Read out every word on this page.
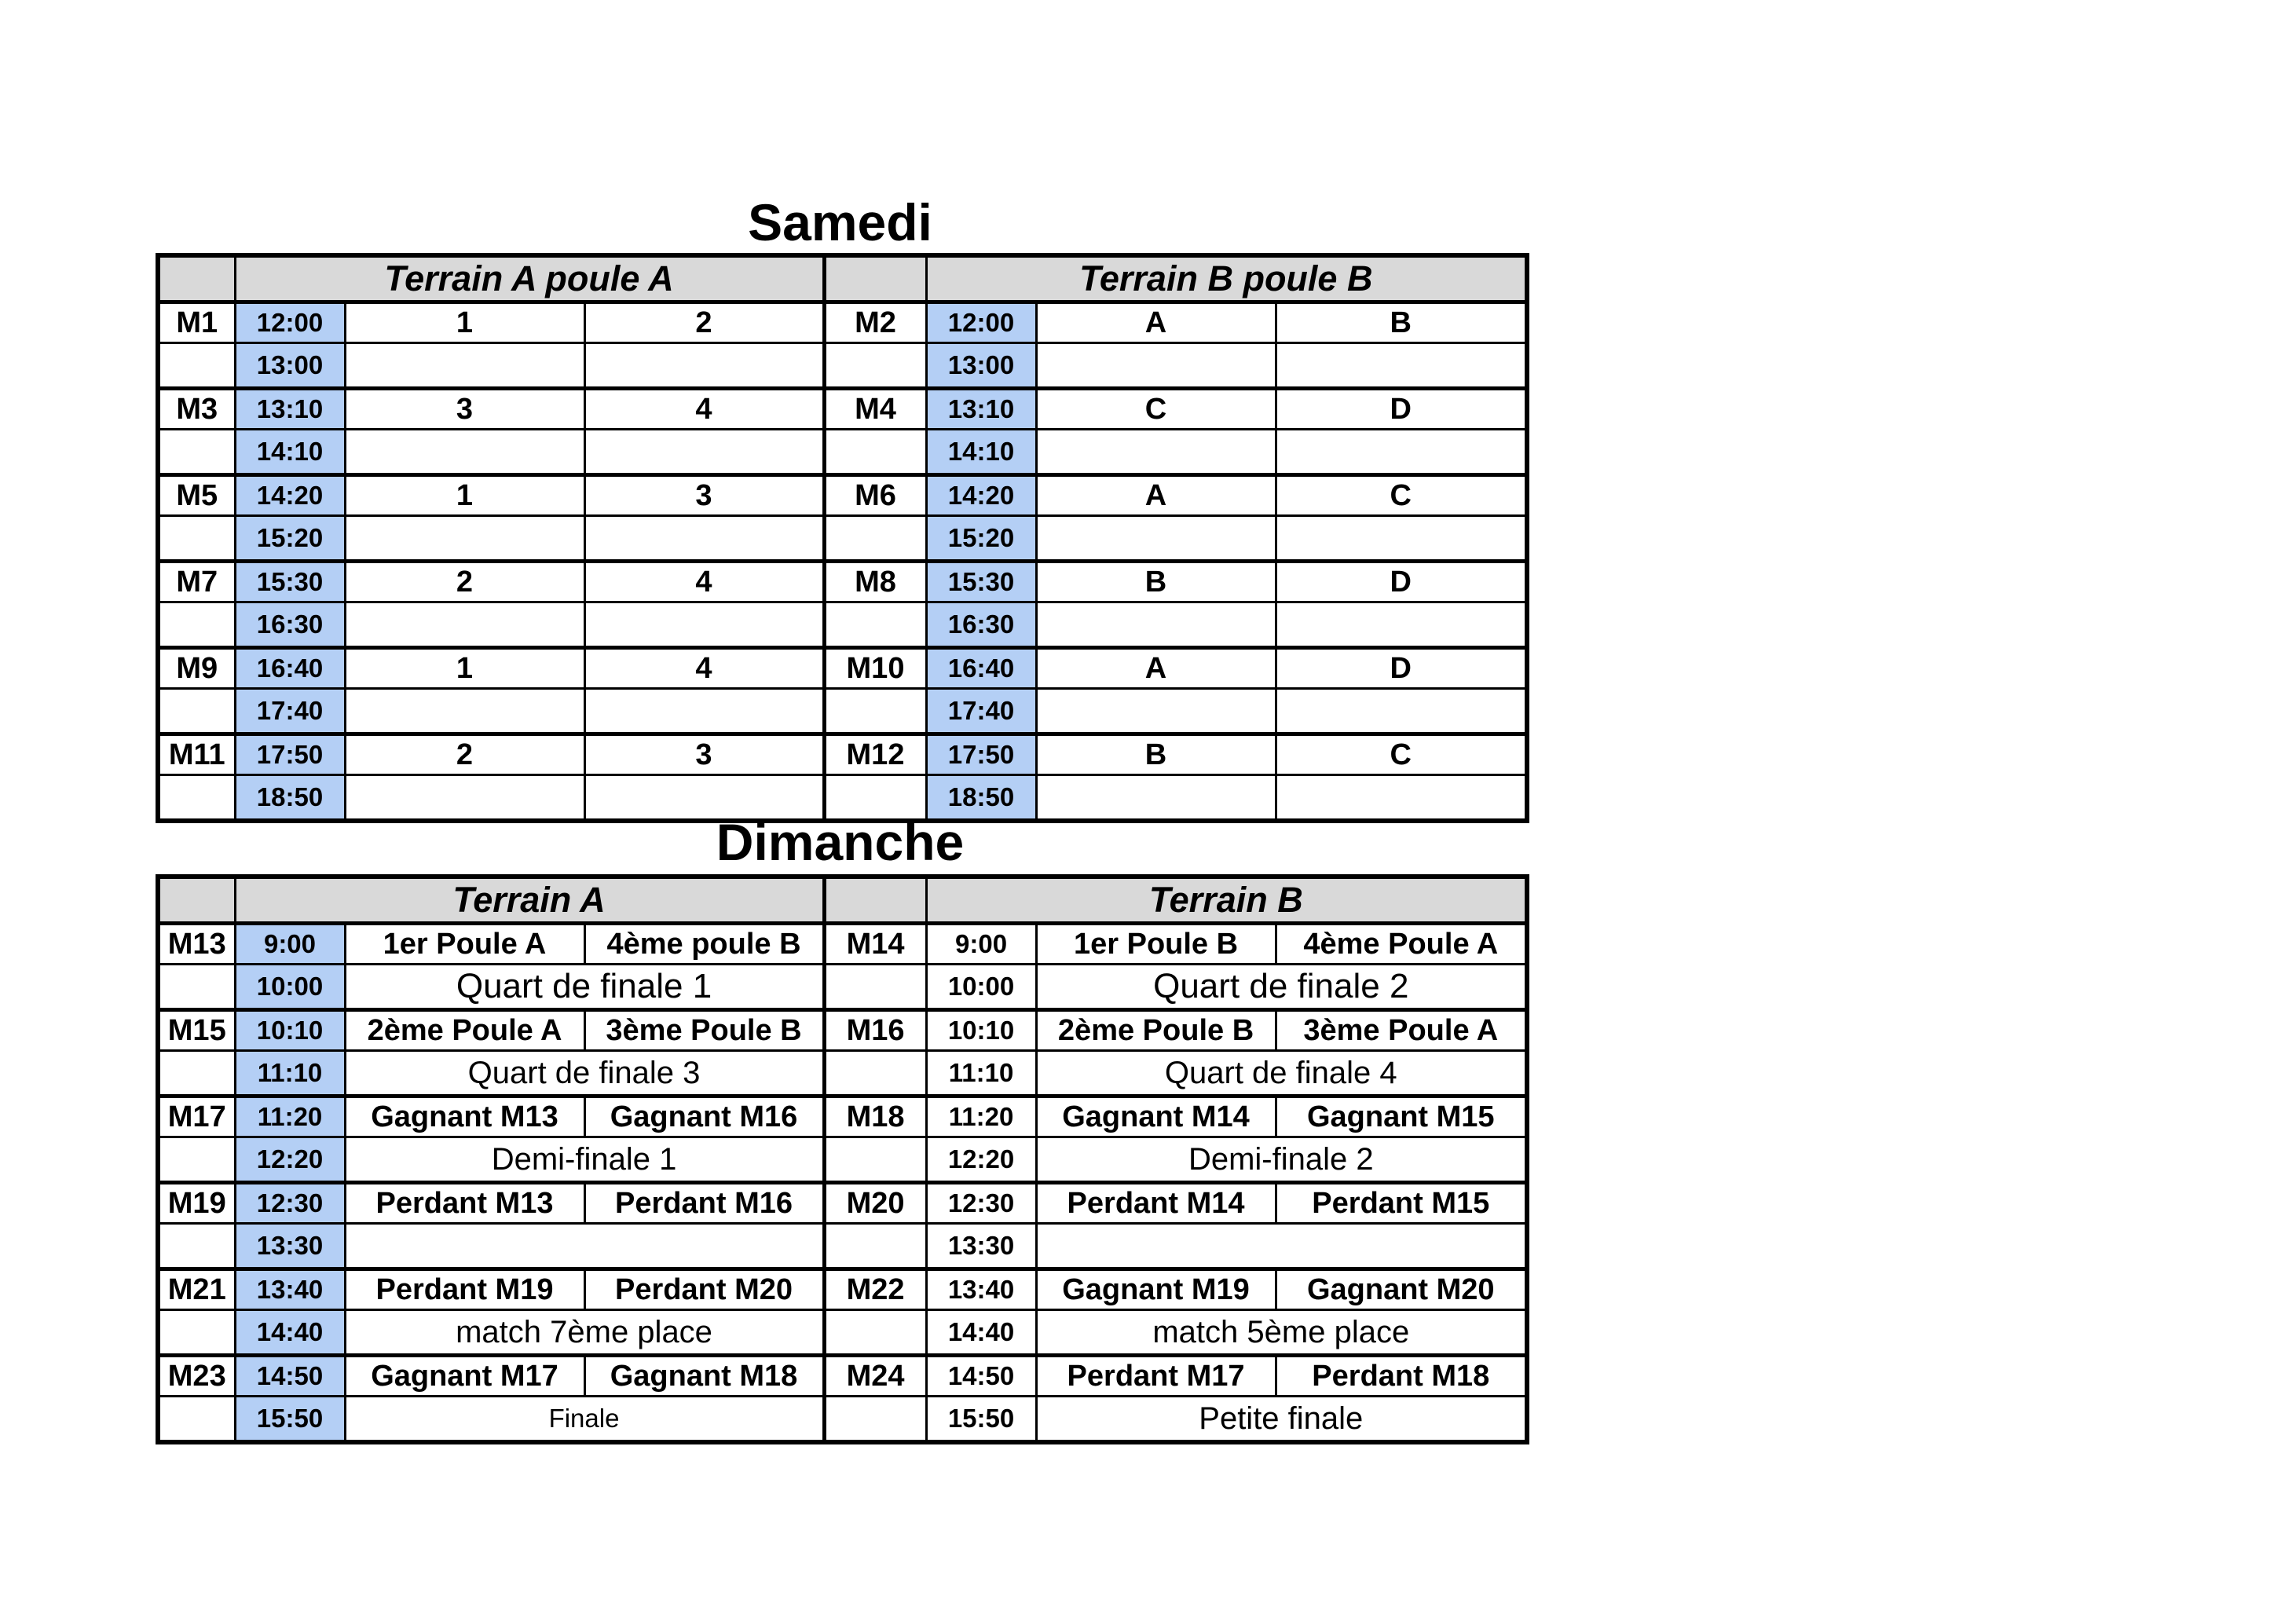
Samedi
	Terrain A poule A				Terrain B poule B		
M1	12:00	1	2	M2	12:00	A	B
	13:00				13:00		
M3	13:10	3	4	M4	13:10	C	D
	14:10				14:10		
M5	14:20	1	3	M6	14:20	A	C
	15:20				15:20		
M7	15:30	2	4	M8	15:30	B	D
	16:30				16:30		
M9	16:40	1	4	M10	16:40	A	D
	17:40				17:40		
M11	17:50	2	3	M12	17:50	B	C
	18:50				18:50		
Dimanche
	Terrain A				Terrain B		
M13	9:00	1er Poule A	4ème poule B	M14	9:00	1er Poule B	4ème Poule A
	10:00	Quart de finale 1			10:00	Quart de finale 2	
M15	10:10	2ème Poule A	3ème Poule B	M16	10:10	2ème Poule B	3ème Poule A
	11:10	Quart de finale 3			11:10	Quart de finale 4	
M17	11:20	Gagnant M13	Gagnant M16	M18	11:20	Gagnant M14	Gagnant M15
	12:20	Demi-finale 1			12:20	Demi-finale 2	
M19	12:30	Perdant M13	Perdant M16	M20	12:30	Perdant M14	Perdant M15
	13:30				13:30		
M21	13:40	Perdant M19	Perdant M20	M22	13:40	Gagnant M19	Gagnant M20
	14:40	match 7ème place			14:40	match 5ème place	
M23	14:50	Gagnant M17	Gagnant M18	M24	14:50	Perdant M17	Perdant M18
	15:50	Finale			15:50	Petite finale	
